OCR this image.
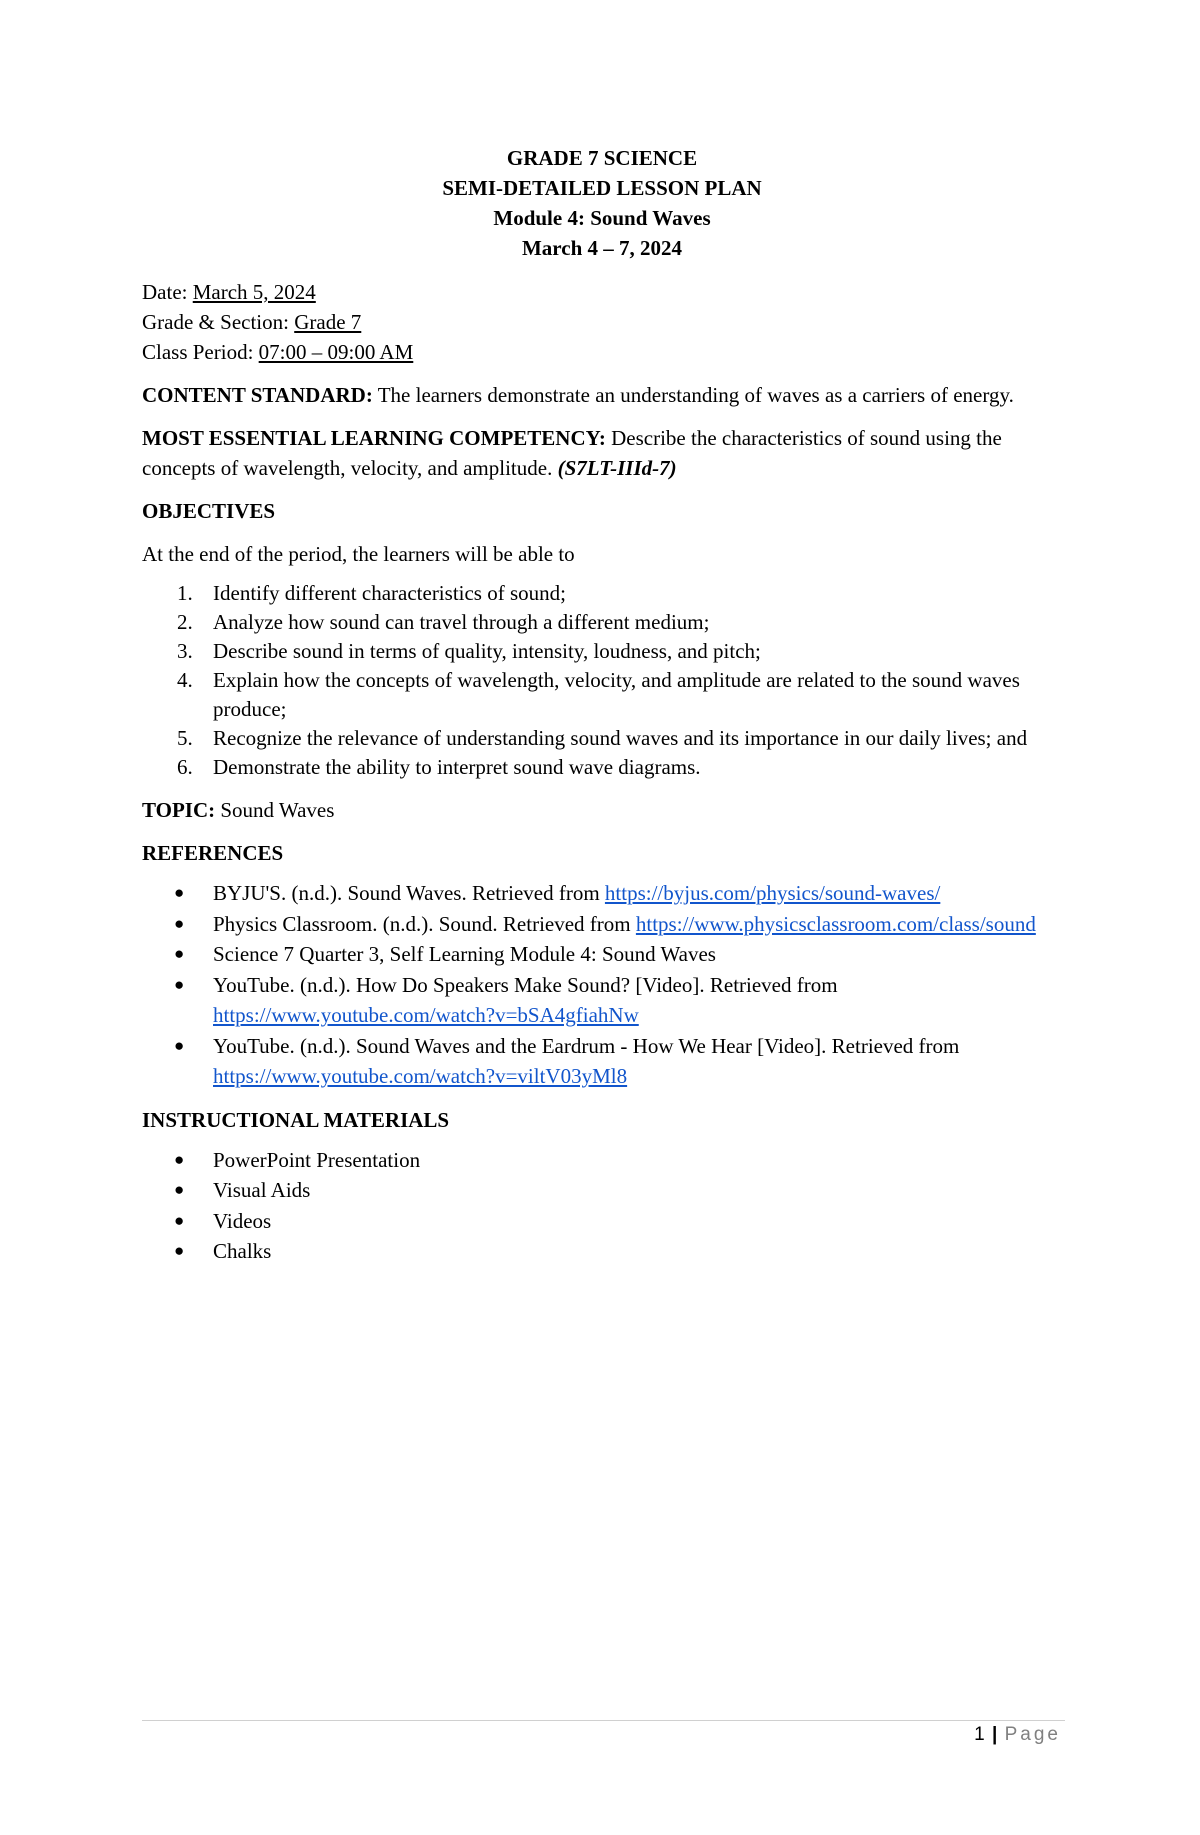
GRADE 7 SCIENCE
SEMI-DETAILED LESSON PLAN
Module 4: Sound Waves
March 4 – 7, 2024
Date: March 5, 2024
Grade & Section: Grade 7
Class Period: 07:00 – 09:00 AM
CONTENT STANDARD: The learners demonstrate an understanding of waves as a carriers of energy.
MOST ESSENTIAL LEARNING COMPETENCY: Describe the characteristics of sound using the concepts of wavelength, velocity, and amplitude. (S7LT-IIId-7)
OBJECTIVES
At the end of the period, the learners will be able to
1. Identify different characteristics of sound;
2. Analyze how sound can travel through a different medium;
3. Describe sound in terms of quality, intensity, loudness, and pitch;
4. Explain how the concepts of wavelength, velocity, and amplitude are related to the sound waves produce;
5. Recognize the relevance of understanding sound waves and its importance in our daily lives; and
6. Demonstrate the ability to interpret sound wave diagrams.
TOPIC: Sound Waves
REFERENCES
● BYJU'S. (n.d.). Sound Waves. Retrieved from https://byjus.com/physics/sound-waves/
● Physics Classroom. (n.d.). Sound. Retrieved from https://www.physicsclassroom.com/class/sound
● Science 7 Quarter 3, Self Learning Module 4: Sound Waves
● YouTube. (n.d.). How Do Speakers Make Sound? [Video]. Retrieved from https://www.youtube.com/watch?v=bSA4gfiahNw
● YouTube. (n.d.). Sound Waves and the Eardrum - How We Hear [Video]. Retrieved from https://www.youtube.com/watch?v=viltV03yMl8
INSTRUCTIONAL MATERIALS
● PowerPoint Presentation
● Visual Aids
● Videos
● Chalks
1 | Page
